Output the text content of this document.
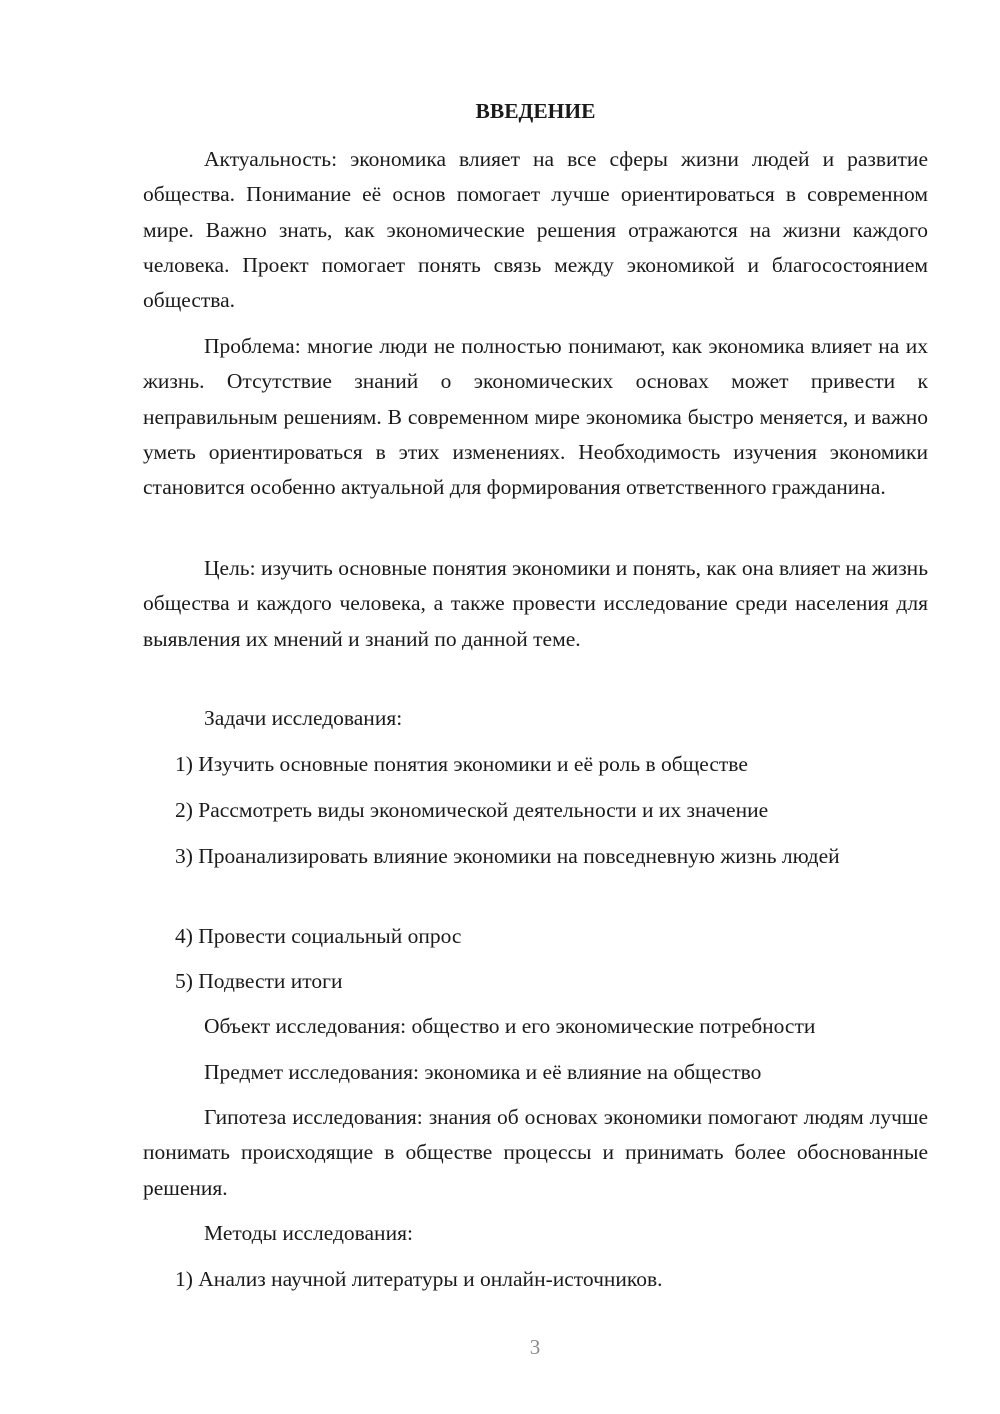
ВВЕДЕНИЕ

Актуальность: экономика влияет на все сферы жизни людей и развитие общества. Понимание её основ помогает лучше ориентироваться в современном мире. Важно знать, как экономические решения отражаются на жизни каждого человека. Проект помогает понять связь между экономикой и благосостоянием общества.

Проблема: многие люди не полностью понимают, как экономика влияет на их жизнь. Отсутствие знаний о экономических основах может привести к неправильным решениям. В современном мире экономика быстро меняется, и важно уметь ориентироваться в этих изменениях. Необходимость изучения экономики становится особенно актуальной для формирования ответственного гражданина.

Цель: изучить основные понятия экономики и понять, как она влияет на жизнь общества и каждого человека, а также провести исследование среди населения для выявления их мнений и знаний по данной теме.

Задачи исследования:

1) Изучить основные понятия экономики и её роль в обществе

2) Рассмотреть виды экономической деятельности и их значение

3) Проанализировать влияние экономики на повседневную жизнь людей

4) Провести социальный опрос

5) Подвести итоги

Объект исследования: общество и его экономические потребности

Предмет исследования: экономика и её влияние на общество

Гипотеза исследования: знания об основах экономики помогают людям лучше понимать происходящие в обществе процессы и принимать более обоснованные решения.

Методы исследования:

1) Анализ научной литературы и онлайн-источников.

3
